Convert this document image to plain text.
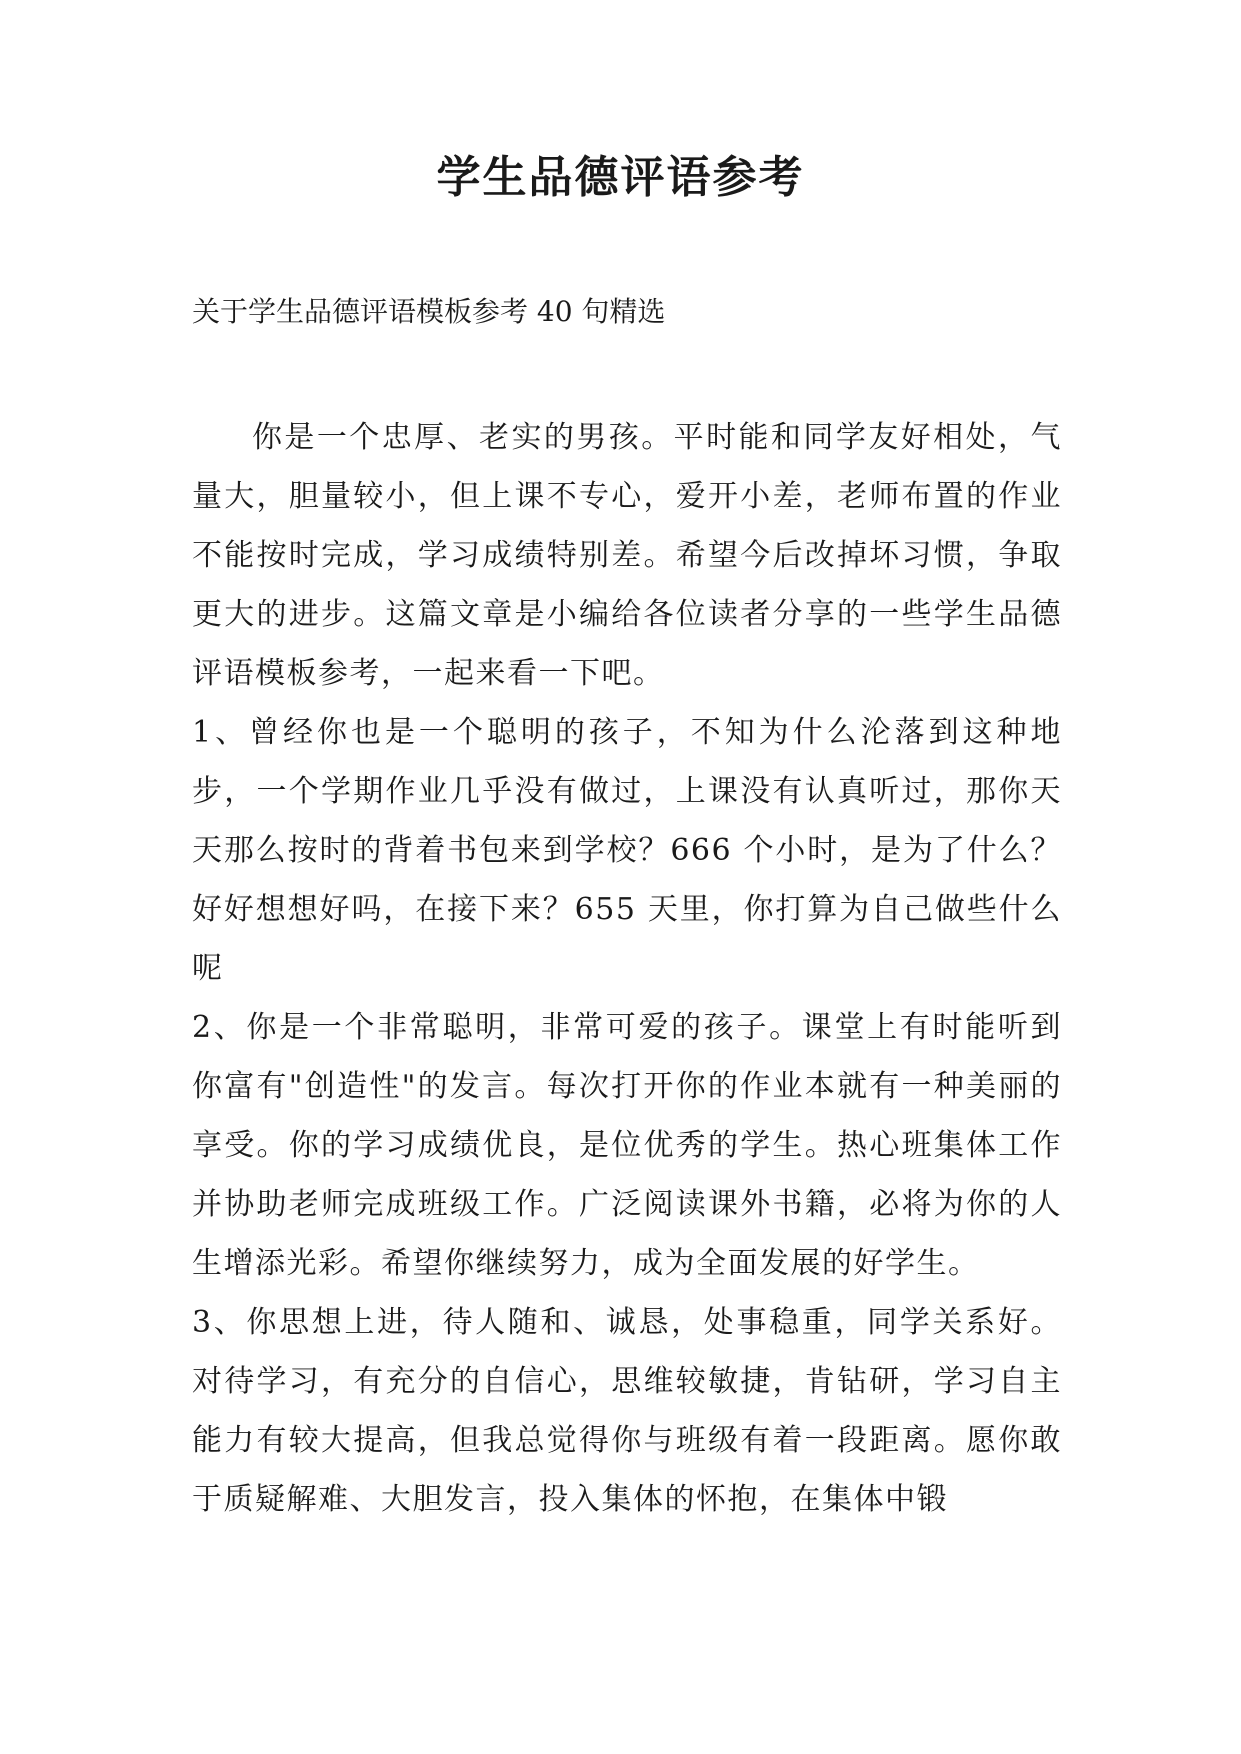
学生品德评语参考

关于学生品德评语模板参考 40 句精选

你是一个忠厚、老实的男孩。平时能和同学友好相处，气量大，胆量较小，但上课不专心，爱开小差，老师布置的作业不能按时完成，学习成绩特别差。希望今后改掉坏习惯，争取更大的进步。这篇文章是小编给各位读者分享的一些学生品德评语模板参考，一起来看一下吧。

1、曾经你也是一个聪明的孩子，不知为什么沦落到这种地步，一个学期作业几乎没有做过，上课没有认真听过，那你天天那么按时的背着书包来到学校？666 个小时，是为了什么？好好想想好吗，在接下来？655 天里，你打算为自己做些什么呢

2、你是一个非常聪明，非常可爱的孩子。课堂上有时能听到你富有"创造性"的发言。每次打开你的作业本就有一种美丽的享受。你的学习成绩优良，是位优秀的学生。热心班集体工作并协助老师完成班级工作。广泛阅读课外书籍，必将为你的人生增添光彩。希望你继续努力，成为全面发展的好学生。

3、你思想上进，待人随和、诚恳，处事稳重，同学关系好。对待学习，有充分的自信心，思维较敏捷，肯钻研，学习自主能力有较大提高，但我总觉得你与班级有着一段距离。愿你敢于质疑解难、大胆发言，投入集体的怀抱，在集体中锻
